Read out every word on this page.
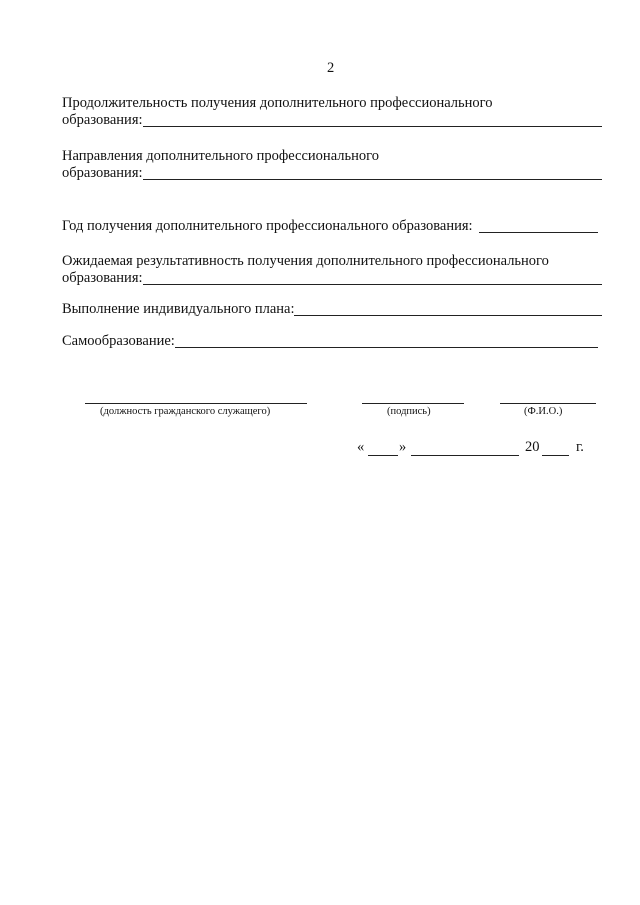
2
Продолжительность получения дополнительного профессионального
образования:
Направления дополнительного профессионального
образования:
Год получения дополнительного профессионального образования:
Ожидаемая результативность получения дополнительного профессионального
образования:
Выполнение индивидуального плана:
Самообразование:
(должность гражданского служащего)	(подпись)	(Ф.И.О.)
« »	20	г.
